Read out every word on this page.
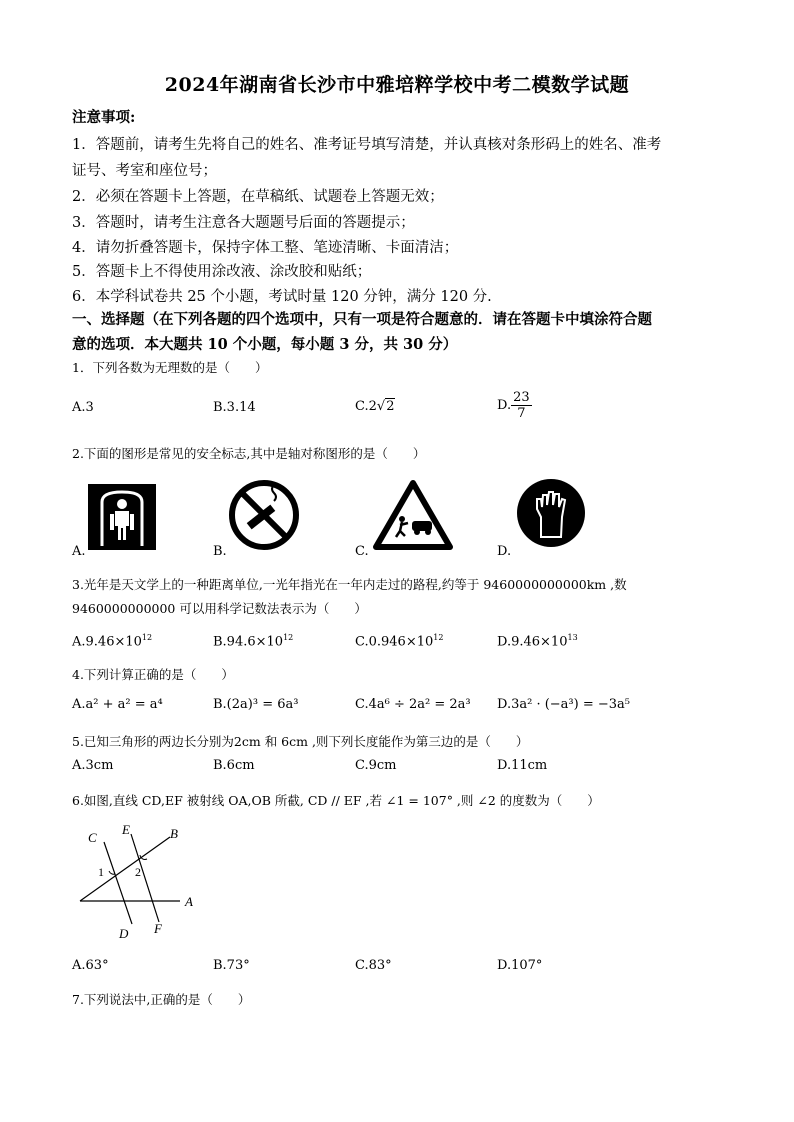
2024年湖南省长沙市中雅培粹学校中考二模数学试题
注意事项:
1．答题前，请考生先将自己的姓名、准考证号填写清楚，并认真核对条形码上的姓名、准考
证号、考室和座位号；
2．必须在答题卡上答题，在草稿纸、试题卷上答题无效；
3．答题时，请考生注意各大题题号后面的答题提示；
4．请勿折叠答题卡，保持字体工整、笔迹清晰、卡面清洁；
5．答题卡上不得使用涂改液、涂改胶和贴纸；
6．本学科试卷共 25 个小题，考试时量 120 分钟，满分 120 分.
一、选择题（在下列各题的四个选项中，只有一项是符合题意的．请在答题卡中填涂符合题
意的选项．本大题共 10 个小题，每小题 3 分，共 30 分）
1．下列各数为无理数的是（　　）
A.3	B.3.14	C.2√2	D. $\frac{23}{7}$
2.下面的图形是常见的安全标志,其中是轴对称图形的是（　　）
A.	B.	C.	D.
3.光年是天文学上的一种距离单位,一光年指光在一年内走过的路程,约等于 9460000000000km ,数
9460000000000 可以用科学记数法表示为（　　）
$A.9.46\times 10^{12}$	$B.94.6\times 10^{12}$	$C.0.946\times 10^{12}$	$D.9.46\times 10^{13}$
4.下列计算正确的是（　　）
A.a² + a² = a⁴	B.(2a)³ = 6a³	C.4a⁶ ÷ 2a² = 2a³ D.3a² · (−a³) = −3a⁵
5.已知三角形的两边长分别为2cm 和 6cm ,则下列长度能作为第三边的是（　　）
A.3cm	B.6cm	C.9cm	D.11cm
6.如图,直线 CD,EF 被射线 OA,OB 所截, CD // EF ,若 ∠1 = 107° ,则 ∠2 的度数为（　　）
C
E	B
1	2
A
D F
A.63°	B.73°	C.83°	D.107°
7.下列说法中,正确的是（　　）
